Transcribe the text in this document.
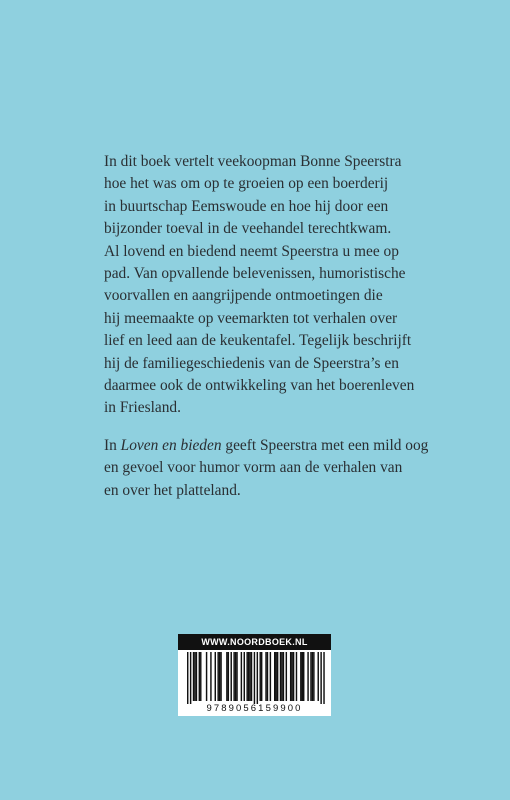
In dit boek vertelt veekoopman Bonne Speerstra
hoe het was om op te groeien op een boerderij
in buurtschap Eemswoude en hoe hij door een
bijzonder toeval in de veehandel terechtkwam.
Al lovend en biedend neemt Speerstra u mee op
pad. Van opvallende belevenissen, humoristische
voorvallen en aangrijpende ontmoetingen die
hij meemaakte op veemarkten tot verhalen over
lief en leed aan de keukentafel. Tegelijk beschrijft
hij de familiegeschiedenis van de Speerstra’s en
daarmee ook de ontwikkeling van het boerenleven
in Friesland.
In Loven en bieden geeft Speerstra met een mild oog
en gevoel voor humor vorm aan de verhalen van
en over het platteland.
WWW.NOORDBOEK.NL
9789056159900
